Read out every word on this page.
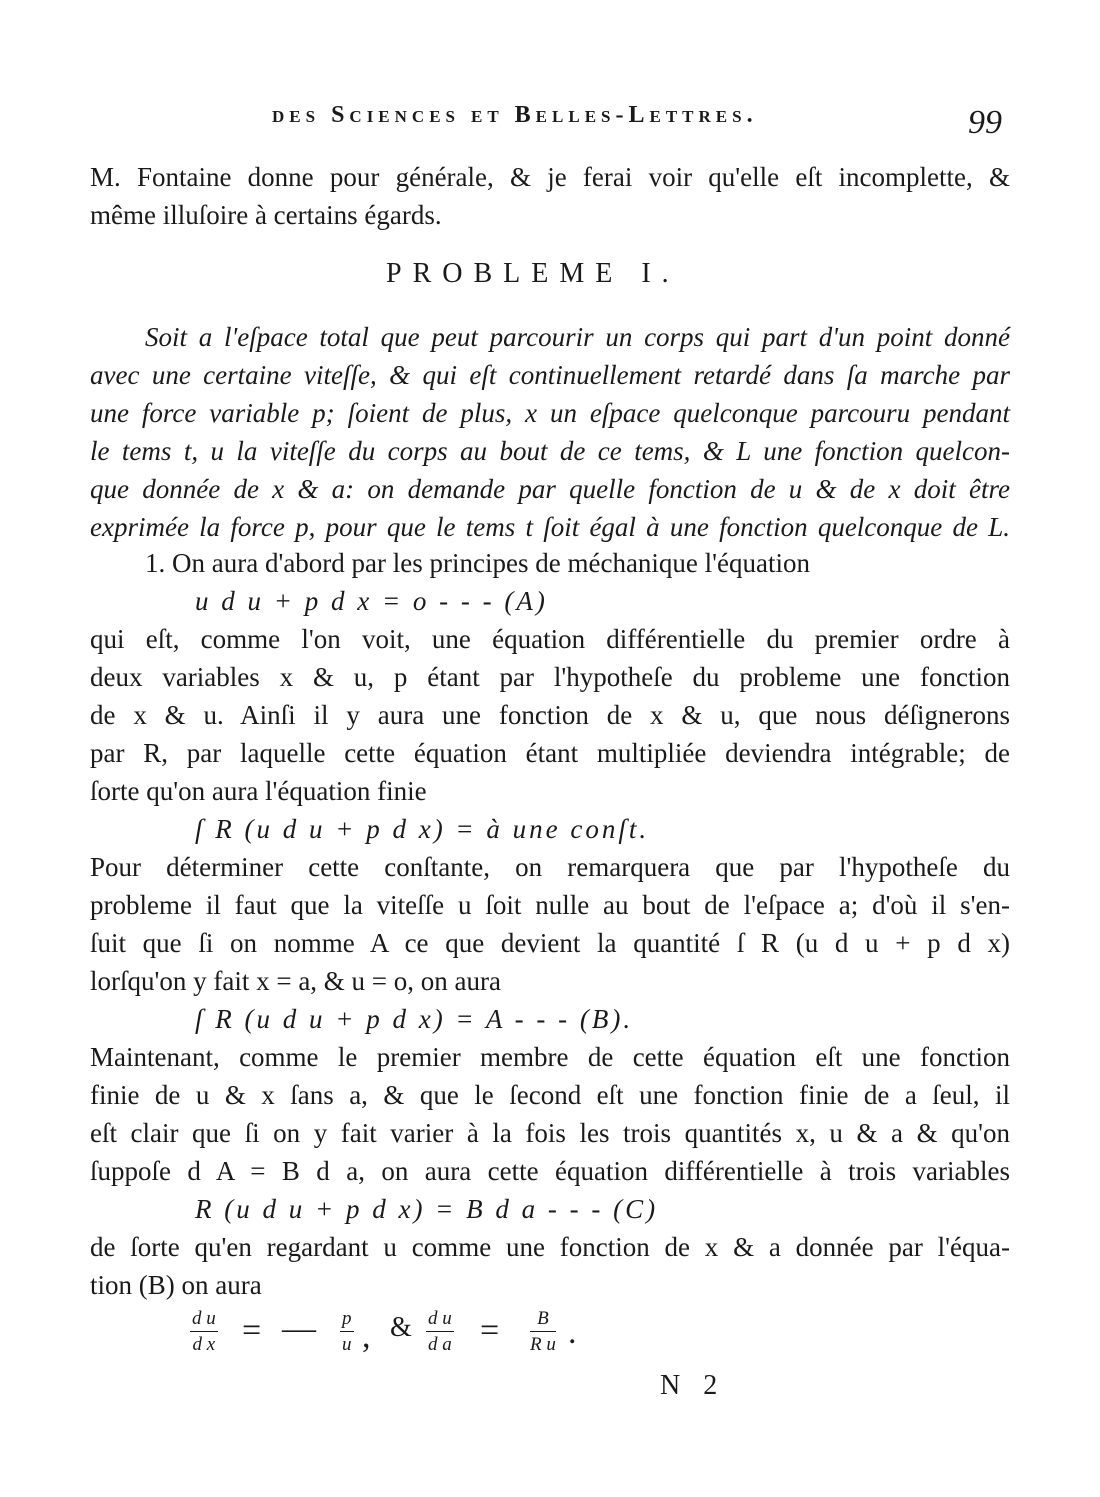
des Sciences et Belles-Lettres.	99
M. Fontaine donne pour générale, & je ferai voir qu'elle eſt incomplette, &
même illuſoire à certains égards.
PROBLEME I.
Soit a l'eſpace total que peut parcourir un corps qui part d'un point donné
avec une certaine viteſſe, & qui eſt continuellement retardé dans ſa marche par
une force variable p; ſoient de plus, x un eſpace quelconque parcouru pendant
le tems t, u la viteſſe du corps au bout de ce tems, & L une fonction quelcon-
que donnée de x & a: on demande par quelle fonction de u & de x doit être
exprimée la force p, pour que le tems t ſoit égal à une fonction quelconque de L.
1. On aura d'abord par les principes de méchanique l'équation
u d u + p d x = o - - - (A)
qui eſt, comme l'on voit, une équation différentielle du premier ordre à
deux variables x & u, p étant par l'hypotheſe du probleme une fonction
de x & u. Ainſi il y aura une fonction de x & u, que nous déſignerons
par R, par laquelle cette équation étant multipliée deviendra intégrable; de
ſorte qu'on aura l'équation finie
ſ R (u d u + p d x) = à une conſt.
Pour déterminer cette conſtante, on remarquera que par l'hypotheſe du
probleme il faut que la viteſſe u ſoit nulle au bout de l'eſpace a; d'où il s'en-
ſuit que ſi on nomme A ce que devient la quantité ſ R (u d u + p d x)
lorſqu'on y fait x = a, & u = o, on aura
ſ R (u d u + p d x) = A - - - (B).
Maintenant, comme le premier membre de cette équation eſt une fonction
finie de u & x ſans a, & que le ſecond eſt une fonction finie de a ſeul, il
eſt clair que ſi on y fait varier à la fois les trois quantités x, u & a & qu'on
ſuppoſe d A = B d a, on aura cette équation différentielle à trois variables
R (u d u + p d x) = B d a - - - (C)
de ſorte qu'en regardant u comme une fonction de x & a donnée par l'équa-
tion (B) on aura
$\frac{\text{d u}}{\text{d x}}$ = — $\frac{p}{u}$ , & $\frac{\text{d u}}{\text{d a}} = \frac{B}{\text{R u}}$ .
N 2
